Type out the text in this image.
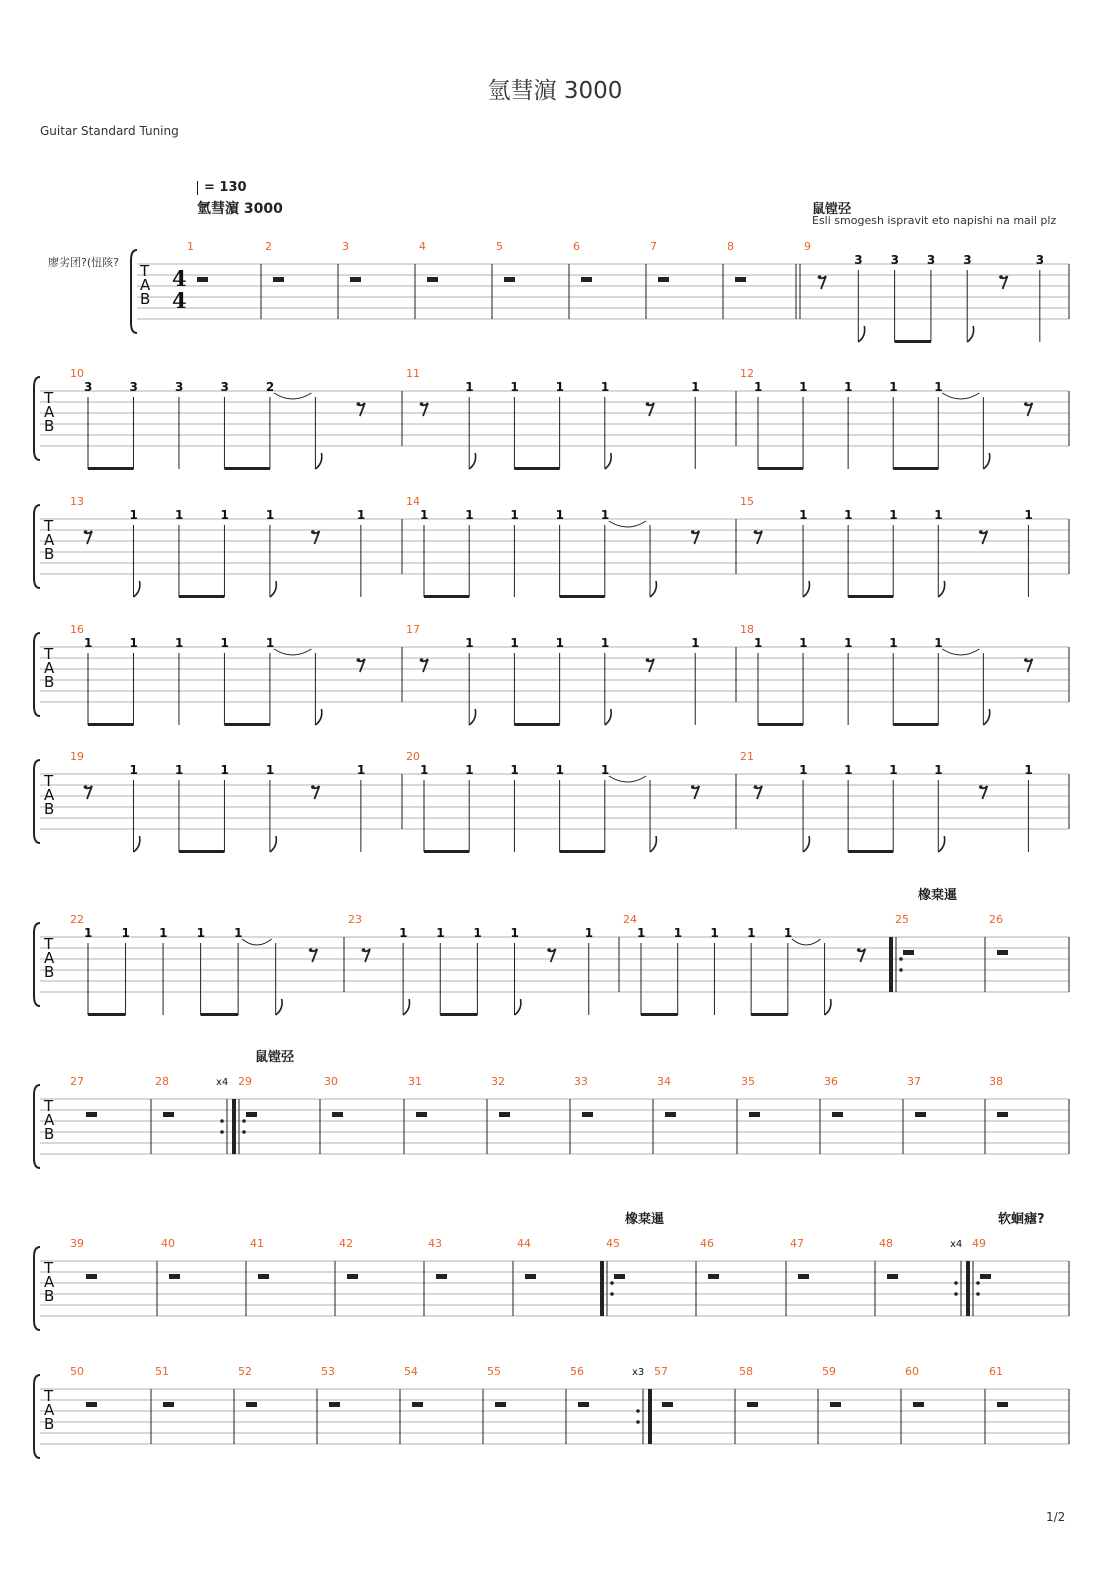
氫彗濵 3000
Guitar Standard Tuning
= 130
氫彗濵 3000	鼠镗弪
Esli smogesh ispravit eto napishi na mail plz
廖劣团?(忸陔?
橡枽暹
鼠镗弪
橡枽暹	软蛔瘧?
1/2
T
A
B
4
4
1	2	3	4	5	6	7	8	9
3 3 3 3	3
T
A
B
10
3	3	3	3	2
11
1	1	1	1	1
12
1	1	1	1	1
T
A
B
13
1	1	1	1	1
14
1	1	1	1	1
15
1	1	1	1	1
T
A
B
16
1	1	1	1	1
17
1	1	1	1	1
18
1	1	1	1	1
T
A
B
19
1	1	1	1	1
20
1	1	1	1	1
21
1	1	1	1	1
T
A
B
22
1 1 1 1 1
23
1 1 1 1	1
24
1 1 1 1 1
25	26
T
A
B
27	28	x4 29	30	31	32	33	34	35	36	37	38
T
A
B
39	40	41	42	43	44	45	46	47	48	x4 49
T
A
B
50	51	52	53	54	55	56	x3 57	58	59	60	61
